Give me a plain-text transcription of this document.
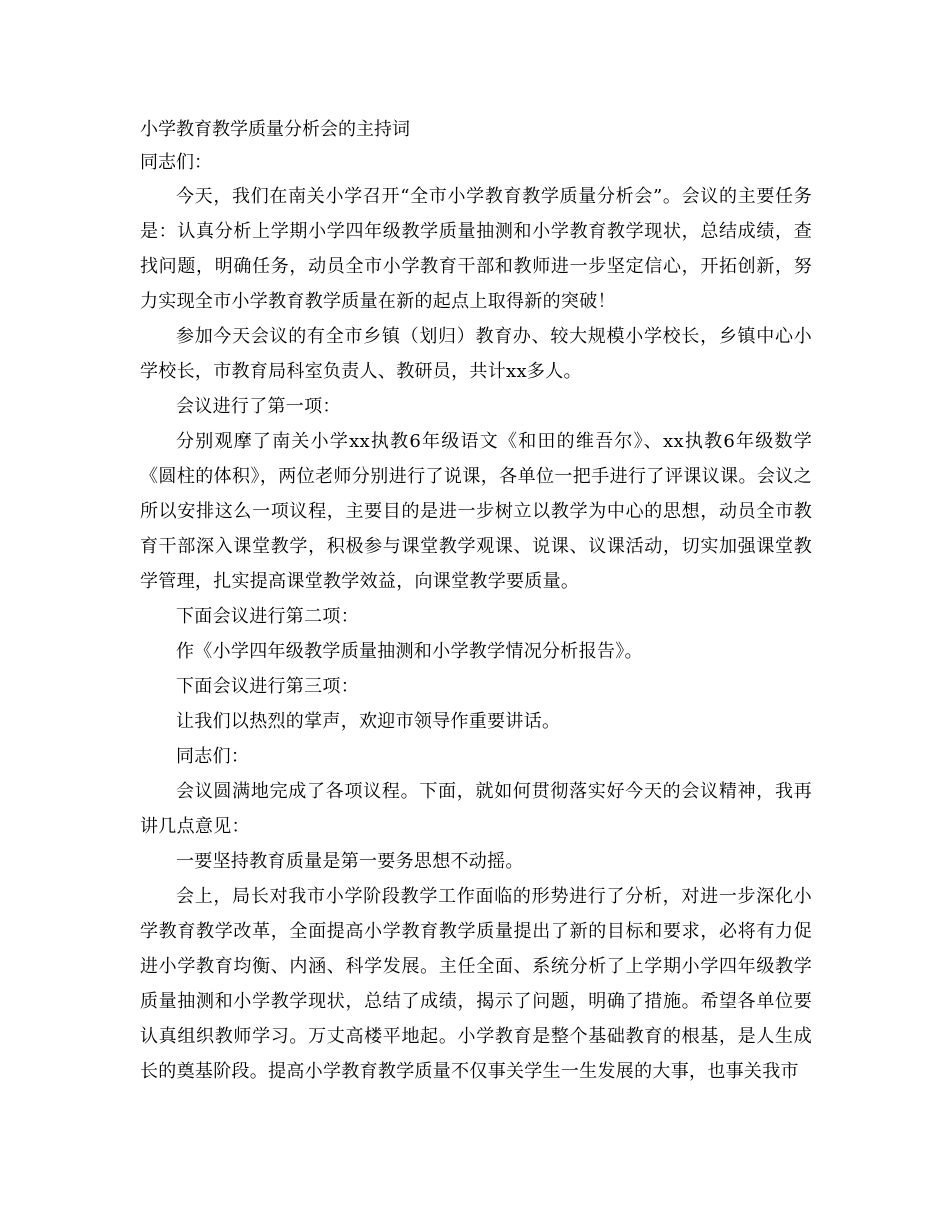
小学教育教学质量分析会的主持词

同志们：

今天，我们在南关小学召开“全市小学教育教学质量分析会”。会议的主要任务是：认真分析上学期小学四年级教学质量抽测和小学教育教学现状，总结成绩，查找问题，明确任务，动员全市小学教育干部和教师进一步坚定信心，开拓创新，努力实现全市小学教育教学质量在新的起点上取得新的突破！

参加今天会议的有全市乡镇（划归）教育办、较大规模小学校长，乡镇中心小学校长，市教育局科室负责人、教研员，共计xx多人。

会议进行了第一项：

分别观摩了南关小学xx执教6年级语文《和田的维吾尔》、xx执教6年级数学《圆柱的体积》，两位老师分别进行了说课，各单位一把手进行了评课议课。会议之所以安排这么一项议程，主要目的是进一步树立以教学为中心的思想，动员全市教育干部深入课堂教学，积极参与课堂教学观课、说课、议课活动，切实加强课堂教学管理，扎实提高课堂教学效益，向课堂教学要质量。

下面会议进行第二项：

作《小学四年级教学质量抽测和小学教学情况分析报告》。

下面会议进行第三项：

让我们以热烈的掌声，欢迎市领导作重要讲话。

同志们：

会议圆满地完成了各项议程。下面，就如何贯彻落实好今天的会议精神，我再讲几点意见：

一要坚持教育质量是第一要务思想不动摇。

会上，局长对我市小学阶段教学工作面临的形势进行了分析，对进一步深化小学教育教学改革，全面提高小学教育教学质量提出了新的目标和要求，必将有力促进小学教育均衡、内涵、科学发展。主任全面、系统分析了上学期小学四年级教学质量抽测和小学教学现状，总结了成绩，揭示了问题，明确了措施。希望各单位要认真组织教师学习。万丈高楼平地起。小学教育是整个基础教育的根基，是人生成长的奠基阶段。提高小学教育教学质量不仅事关学生一生发展的大事，也事关我市
